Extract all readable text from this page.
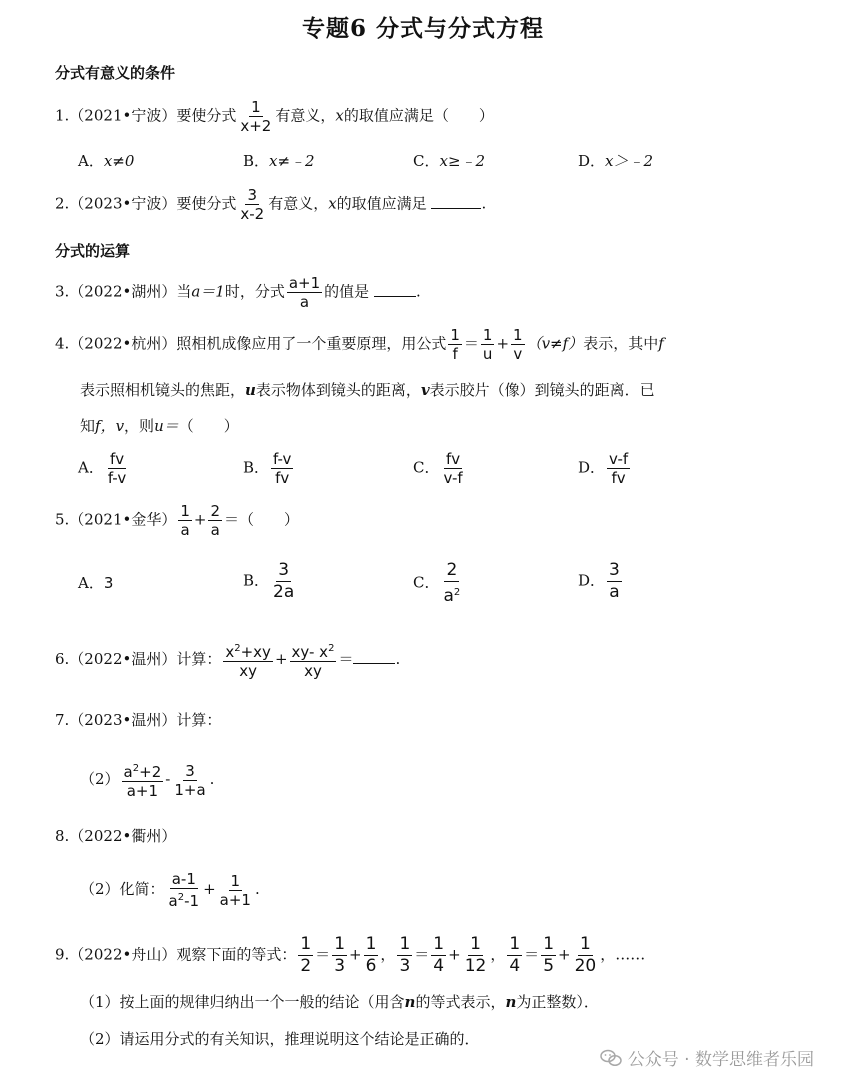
专题6 分式与分式方程
分式有意义的条件
1.（2021•宁波）要使分式 $\frac{1}{x+2}$ 有意义，x的取值应满足（　　）
A．x≠0	B．x≠﹣2	C．x≥﹣2	D．x＞﹣2
2.（2023•宁波）要使分式 $\frac{3}{x-2}$ 有意义，x的取值应满足	.
分式的运算
3.（2022•湖州）当a＝1时，分式 $\frac{a+1}{a}$ 的值是	.
4.（2022•杭州）照相机成像应用了一个重要原理，用公式 $\frac{1}{f} = \frac{1}{u} + \frac{1}{v} (v\ne f)$表示，其中f
表示照相机镜头的焦距，u表示物体到镜头的距离，v表示胶片（像）到镜头的距离．已
知f，v，则u＝（　　）
A． $\frac{fv}{f-v}$	B． $\frac{f-v}{fv}$	C． $\frac{fv}{v-f}$	D． $\frac{v-f}{fv}$
5.（2021•金华） $\frac{1}{a} + \frac{2}{a}$ ＝（　　）
A．3	B． $\frac{3}{2a}$	C． $\frac{2}{a^2}$	D． $\frac{3}{a}$
6.（2022•温州）计算： $\frac{x^2+xy}{xy} + \frac{xy- x^2}{xy}$ ＝	.
7.（2023•温州）计算：
$(2) \frac{a^2+2}{a+1} - \frac{3}{1+a}$ .
8.（2022•衢州）
（2）化简： $\frac{a-1}{a^2-1} + \frac{1}{a+1}$ .
9.（2022•舟山）观察下面的等式： $\frac{1}{2} = \frac{1}{3} + \frac{1}{6}$ ， $\frac{1}{3} = \frac{1}{4} + \frac{1}{12}$ ， $\frac{1}{4} = \frac{1}{5} + \frac{1}{20}$ ，……
（1）按上面的规律归纳出一个一般的结论（用含n的等式表示，n为正整数）．
（2）请运用分式的有关知识，推理说明这个结论是正确的．
公众号 · 数学思维者乐园
